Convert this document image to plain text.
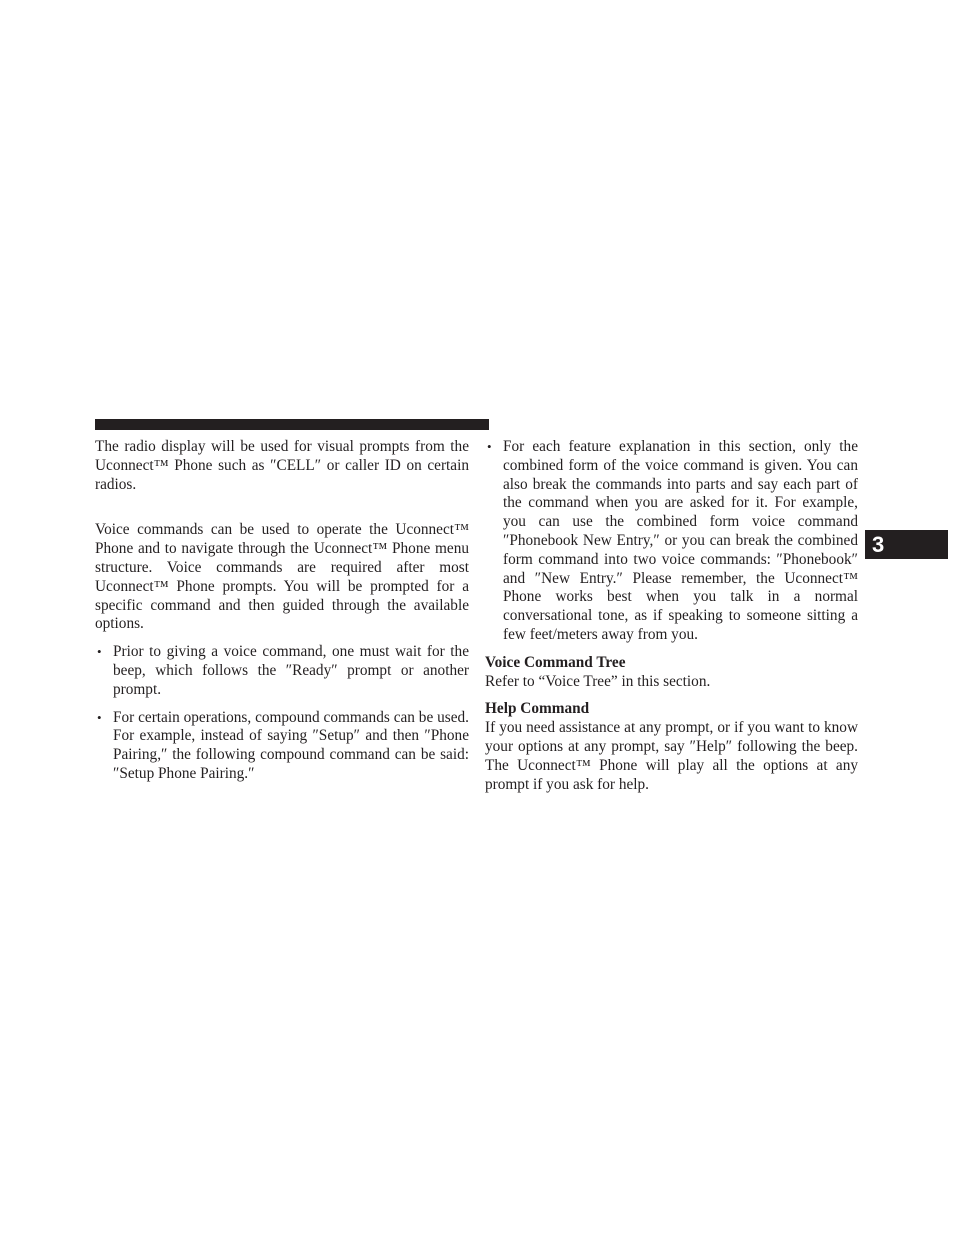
The radio display will be used for visual prompts from the Uconnect™ Phone such as ″CELL″ or caller ID on certain radios.

Voice commands can be used to operate the Uconnect™ Phone and to navigate through the Uconnect™ Phone menu structure. Voice commands are required after most Uconnect™ Phone prompts. You will be prompted for a specific command and then guided through the available options.

• Prior to giving a voice command, one must wait for the beep, which follows the ″Ready″ prompt or another prompt.

• For certain operations, compound commands can be used. For example, instead of saying ″Setup″ and then ″Phone Pairing,″ the following compound command can be said: ″Setup Phone Pairing.″

• For each feature explanation in this section, only the combined form of the voice command is given. You can also break the commands into parts and say each part of the command when you are asked for it. For example, you can use the combined form voice command ″Phonebook New Entry,″ or you can break the combined form command into two voice commands: ″Phonebook″ and ″New Entry.″ Please remember, the Uconnect™ Phone works best when you talk in a normal conversational tone, as if speaking to someone sitting a few feet/meters away from you.

Voice Command Tree

Refer to “Voice Tree” in this section.

Help Command

If you need assistance at any prompt, or if you want to know your options at any prompt, say ″Help″ following the beep. The Uconnect™ Phone will play all the options at any prompt if you ask for help.

3
